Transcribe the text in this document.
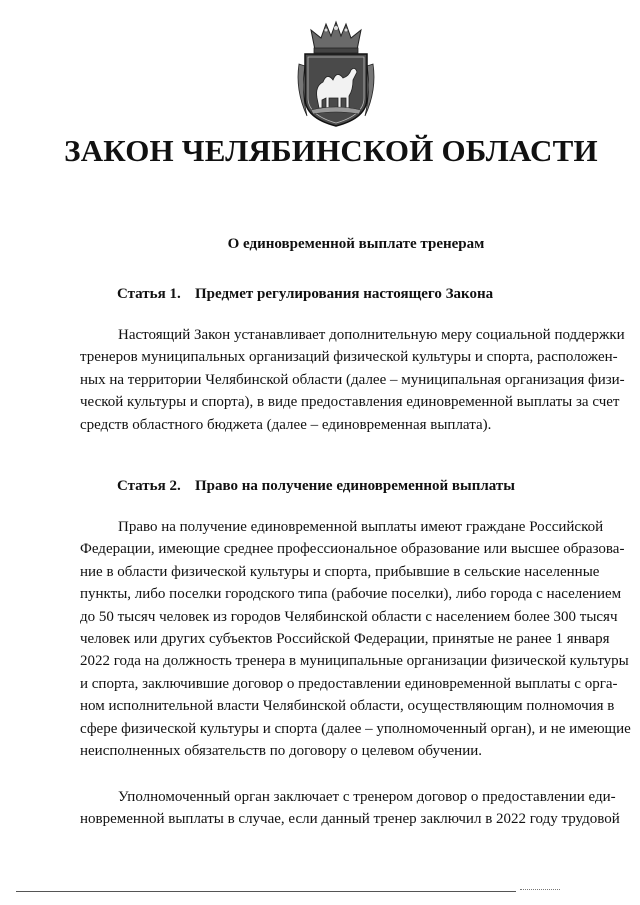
ЗАКОН ЧЕЛЯБИНСКОЙ ОБЛАСТИ
О единовременной выплате тренерам
Статья 1. Предмет регулирования настоящего Закона

Настоящий Закон устанавливает дополнительную меру социальной поддержки
тренеров муниципальных организаций физической культуры и спорта, расположен-
ных на территории Челябинской области (далее – муниципальная организация физи-
ческой культуры и спорта), в виде предоставления единовременной выплаты за счет
средств областного бюджета (далее – единовременная выплата).

Статья 2. Право на получение единовременной выплаты

Право на получение единовременной выплаты имеют граждане Российской
Федерации, имеющие среднее профессиональное образование или высшее образова-
ние в области физической культуры и спорта, прибывшие в сельские населенные
пункты, либо поселки городского типа (рабочие поселки), либо города с населением
до 50 тысяч человек из городов Челябинской области с населением более 300 тысяч
человек или других субъектов Российской Федерации, принятые не ранее 1 января
2022 года на должность тренера в муниципальные организации физической культуры
и спорта, заключившие договор о предоставлении единовременной выплаты с орга-
ном исполнительной власти Челябинской области, осуществляющим полномочия в
сфере физической культуры и спорта (далее – уполномоченный орган), и не имеющие
неисполненных обязательств по договору о целевом обучении.

Уполномоченный орган заключает с тренером договор о предоставлении еди-
новременной выплаты в случае, если данный тренер заключил в 2022 году трудовой
